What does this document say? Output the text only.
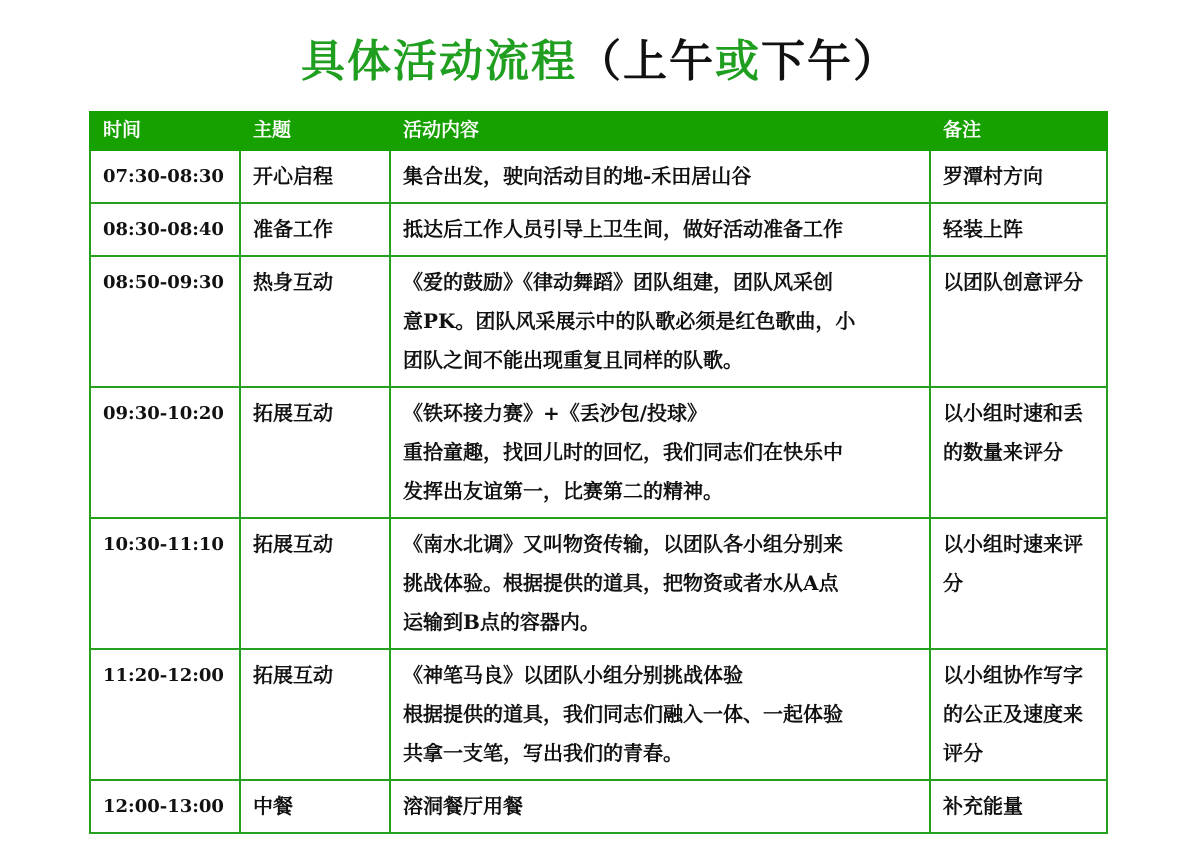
具体活动流程（上午或下午）
时间	主题	活动内容	备注
07:30-08:30	开心启程	集合出发，驶向活动目的地-禾田居山谷	罗潭村方向

08:30-08:40	准备工作	抵达后工作人员引导上卫生间，做好活动准备工作	轻装上阵

08:50-09:30	热身互动	《爱的鼓励》《律动舞蹈》团队组建，团队风采创
意PK。团队风采展示中的队歌必须是红色歌曲，小
团队之间不能出现重复且同样的队歌。	以团队创意评分

09:30-10:20	拓展互动	《铁环接力赛》+《丢沙包/投球》
重拾童趣，找回儿时的回忆，我们同志们在快乐中
发挥出友谊第一，比赛第二的精神。	以小组时速和丢
的数量来评分

10:30-11:10	拓展互动	《南水北调》又叫物资传输，以团队各小组分别来
挑战体验。根据提供的道具，把物资或者水从A点
运输到B点的容器内。	以小组时速来评
分

11:20-12:00	拓展互动	《神笔马良》以团队小组分别挑战体验
根据提供的道具，我们同志们融入一体、一起体验
共拿一支笔，写出我们的青春。	以小组协作写字
的公正及速度来
评分

12:00-13:00	中餐	溶洞餐厅用餐	补充能量
